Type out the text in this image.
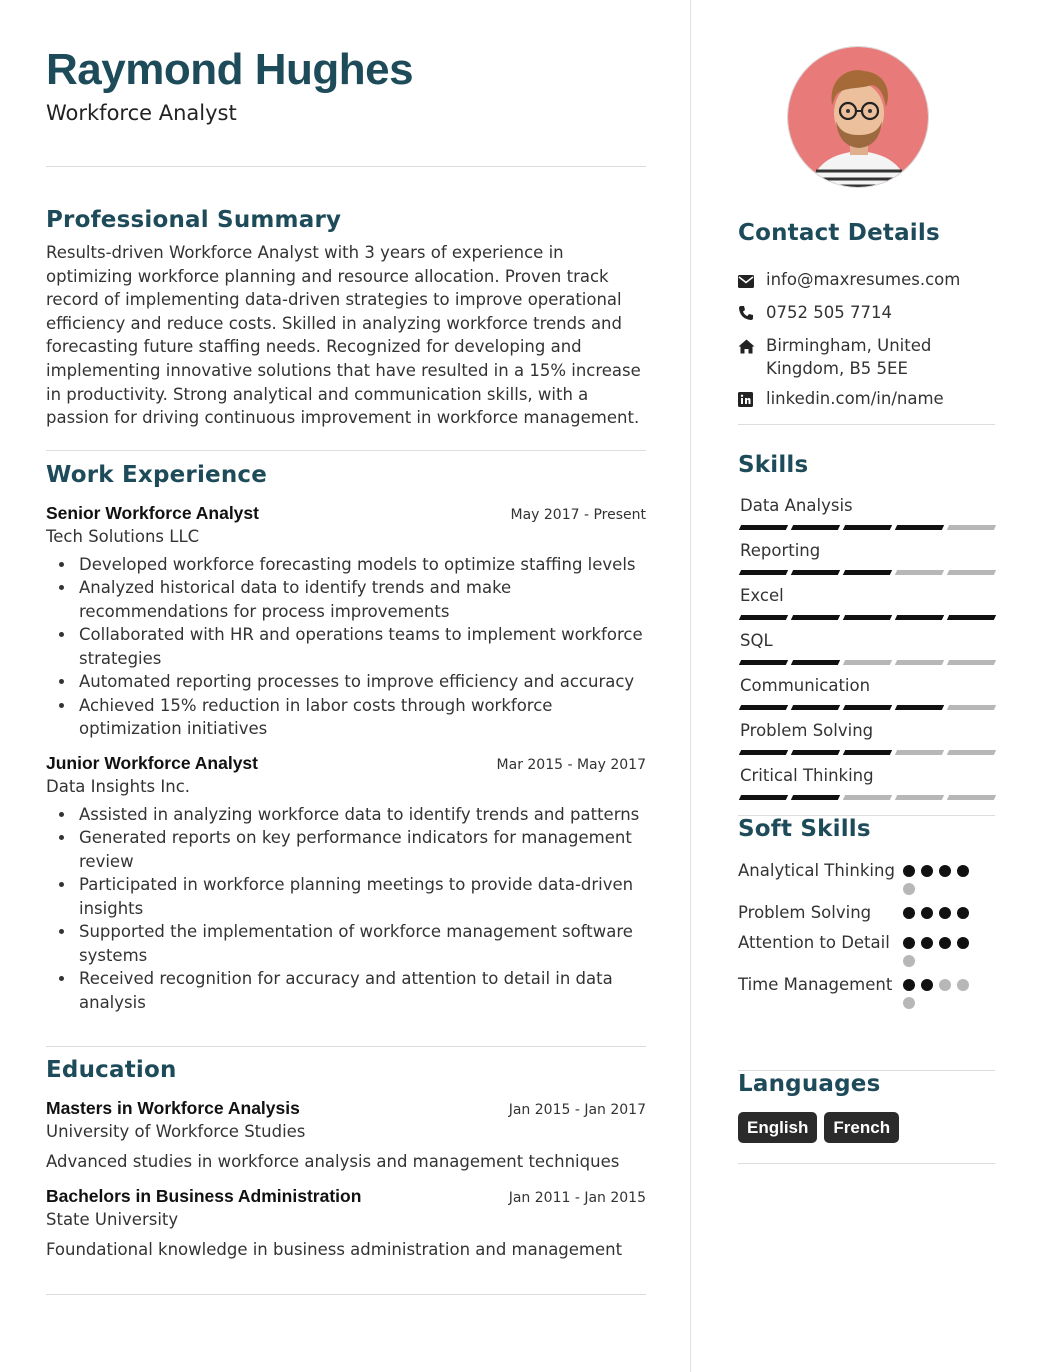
Raymond Hughes
Workforce Analyst
Professional Summary
Results-driven Workforce Analyst with 3 years of experience in optimizing workforce planning and resource allocation. Proven track record of implementing data-driven strategies to improve operational efficiency and reduce costs. Skilled in analyzing workforce trends and forecasting future staffing needs. Recognized for developing and implementing innovative solutions that have resulted in a 15% increase in productivity. Strong analytical and communication skills, with a passion for driving continuous improvement in workforce management.
Work Experience
Senior Workforce Analyst	May 2017 - Present
Tech Solutions LLC
Developed workforce forecasting models to optimize staffing levels
Analyzed historical data to identify trends and make recommendations for process improvements
Collaborated with HR and operations teams to implement workforce strategies
Automated reporting processes to improve efficiency and accuracy
Achieved 15% reduction in labor costs through workforce optimization initiatives
Junior Workforce Analyst	Mar 2015 - May 2017
Data Insights Inc.
Assisted in analyzing workforce data to identify trends and patterns
Generated reports on key performance indicators for management review
Participated in workforce planning meetings to provide data-driven insights
Supported the implementation of workforce management software systems
Received recognition for accuracy and attention to detail in data analysis
Education
Masters in Workforce Analysis	Jan 2015 - Jan 2017
University of Workforce Studies
Advanced studies in workforce analysis and management techniques
Bachelors in Business Administration	Jan 2011 - Jan 2015
State University
Foundational knowledge in business administration and management
Contact Details
info@maxresumes.com
0752 505 7714
Birmingham, United Kingdom, B5 5EE
linkedin.com/in/name
Skills
Data Analysis
Reporting
Excel
SQL
Communication
Problem Solving
Critical Thinking
Soft Skills
Analytical Thinking
Problem Solving
Attention to Detail
Time Management
Languages
English	French
